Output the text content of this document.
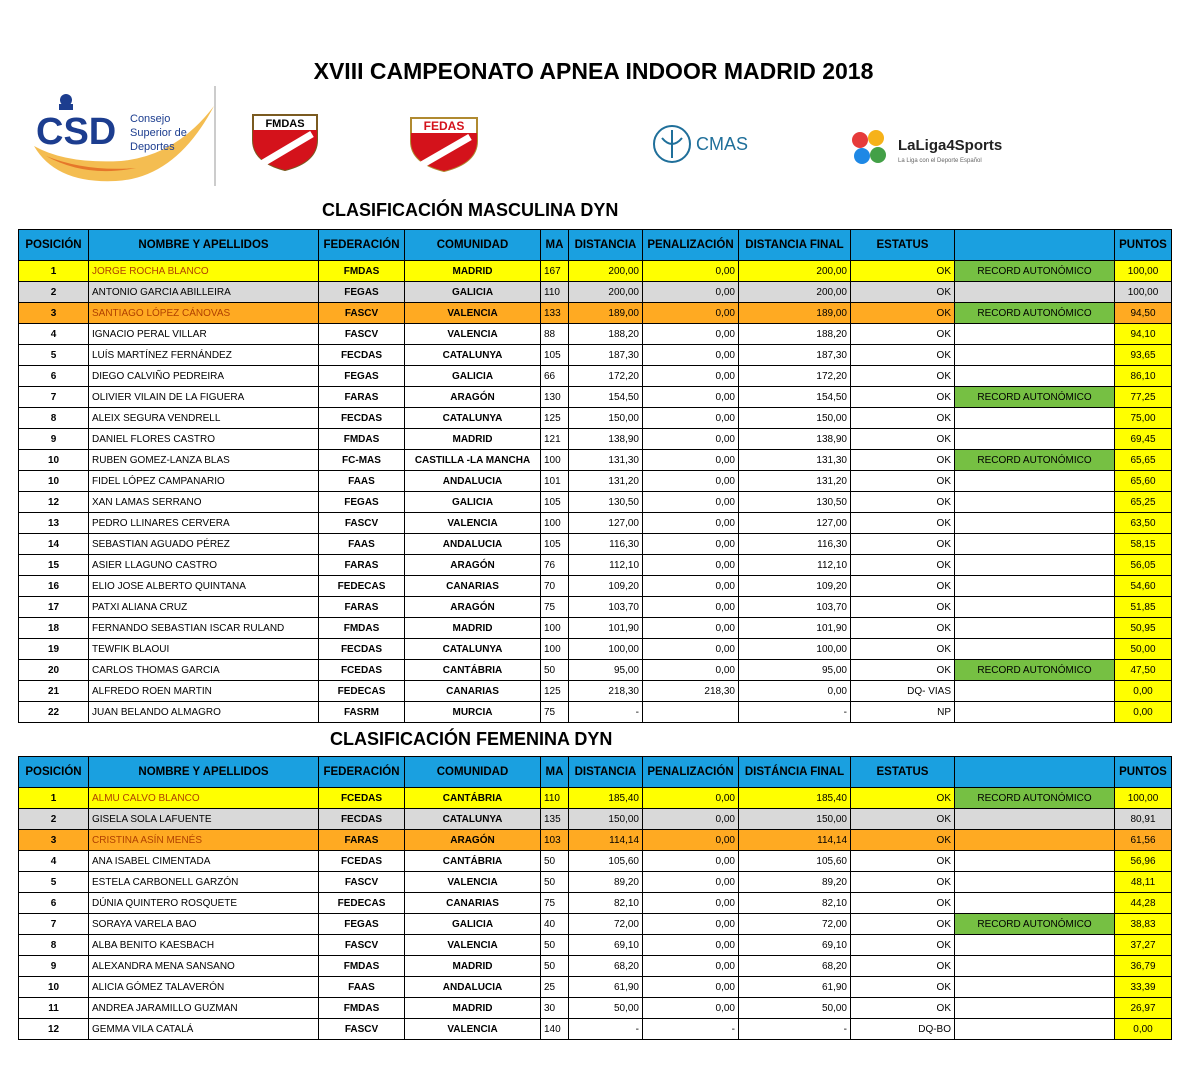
XVIII CAMPEONATO APNEA INDOOR MADRID 2018
CSD Consejo
Superior de
Deportes
FMDAS	FEDAS
CMAS	LaLiga4Sports
La Liga con el Deporte Español
CLASIFICACIÓN MASCULINA DYN
POSICIÓN	NOMBRE Y APELLIDOS	FEDERACIÓN	COMUNIDAD	MA	DISTANCIA	PENALIZACIÓN	DISTANCIA FINAL	ESTATUS		PUNTOS
1	JORGE ROCHA BLANCO	FMDAS	MADRID	167	200,00	0,00	200,00	OK	RECORD AUTONÓMICO	100,00
2	ANTONIO GARCIA ABILLEIRA	FEGAS	GALICIA	110	200,00	0,00	200,00	OK		100,00
3	SANTIAGO LÓPEZ CÁNOVAS	FASCV	VALENCIA	133	189,00	0,00	189,00	OK	RECORD AUTONÓMICO	94,50
4	IGNACIO PERAL VILLAR	FASCV	VALENCIA	88	188,20	0,00	188,20	OK		94,10
5	LUÍS MARTÍNEZ FERNÁNDEZ	FECDAS	CATALUNYA	105	187,30	0,00	187,30	OK		93,65
6	DIEGO CALVIÑO PEDREIRA	FEGAS	GALICIA	66	172,20	0,00	172,20	OK		86,10
7	OLIVIER VILAIN DE LA FIGUERA	FARAS	ARAGÓN	130	154,50	0,00	154,50	OK	RECORD AUTONÓMICO	77,25
8	ALEIX SEGURA VENDRELL	FECDAS	CATALUNYA	125	150,00	0,00	150,00	OK		75,00
9	DANIEL FLORES CASTRO	FMDAS	MADRID	121	138,90	0,00	138,90	OK		69,45
10	RUBEN GOMEZ-LANZA BLAS	FC-MAS	CASTILLA -LA MANCHA	100	131,30	0,00	131,30	OK	RECORD AUTONÓMICO	65,65
10	FIDEL LÓPEZ CAMPANARIO	FAAS	ANDALUCIA	101	131,20	0,00	131,20	OK		65,60
12	XAN LAMAS SERRANO	FEGAS	GALICIA	105	130,50	0,00	130,50	OK		65,25
13	PEDRO LLINARES CERVERA	FASCV	VALENCIA	100	127,00	0,00	127,00	OK		63,50
14	SEBASTIAN AGUADO PÉREZ	FAAS	ANDALUCIA	105	116,30	0,00	116,30	OK		58,15
15	ASIER LLAGUNO CASTRO	FARAS	ARAGÓN	76	112,10	0,00	112,10	OK		56,05
16	ELIO JOSE ALBERTO QUINTANA	FEDECAS	CANARIAS	70	109,20	0,00	109,20	OK		54,60
17	PATXI ALIANA CRUZ	FARAS	ARAGÓN	75	103,70	0,00	103,70	OK		51,85
18	FERNANDO SEBASTIAN ISCAR RULAND	FMDAS	MADRID	100	101,90	0,00	101,90	OK		50,95
19	TEWFIK BLAOUI	FECDAS	CATALUNYA	100	100,00	0,00	100,00	OK		50,00
20	CARLOS THOMAS GARCIA	FCEDAS	CANTÁBRIA	50	95,00	0,00	95,00	OK	RECORD AUTONÓMICO	47,50
21	ALFREDO ROEN MARTIN	FEDECAS	CANARIAS	125	218,30	218,30	0,00	DQ- VIAS		0,00
22	JUAN BELANDO ALMAGRO	FASRM	MURCIA	75	-		-	NP		0,00
CLASIFICACIÓN FEMENINA DYN
POSICIÓN	NOMBRE Y APELLIDOS	FEDERACIÓN	COMUNIDAD	MA	DISTANCIA	PENALIZACIÓN	DISTÁNCIA FINAL	ESTATUS		PUNTOS
1	ALMU CALVO BLANCO	FCEDAS	CANTÁBRIA	110	185,40	0,00	185,40	OK	RECORD AUTONÓMICO	100,00
2	GISELA SOLA LAFUENTE	FECDAS	CATALUNYA	135	150,00	0,00	150,00	OK		80,91
3	CRISTINA ASÍN MENÉS	FARAS	ARAGÓN	103	114,14	0,00	114,14	OK		61,56
4	ANA ISABEL CIMENTADA	FCEDAS	CANTÁBRIA	50	105,60	0,00	105,60	OK		56,96
5	ESTELA CARBONELL GARZÓN	FASCV	VALENCIA	50	89,20	0,00	89,20	OK		48,11
6	DÚNIA QUINTERO ROSQUETE	FEDECAS	CANARIAS	75	82,10	0,00	82,10	OK		44,28
7	SORAYA VARELA BAO	FEGAS	GALICIA	40	72,00	0,00	72,00	OK	RECORD AUTONÓMICO	38,83
8	ALBA BENITO KAESBACH	FASCV	VALENCIA	50	69,10	0,00	69,10	OK		37,27
9	ALEXANDRA MENA SANSANO	FMDAS	MADRID	50	68,20	0,00	68,20	OK		36,79
10	ALICIA GÓMEZ TALAVERÓN	FAAS	ANDALUCIA	25	61,90	0,00	61,90	OK		33,39
11	ANDREA JARAMILLO GUZMAN	FMDAS	MADRID	30	50,00	0,00	50,00	OK		26,97
12	GEMMA VILA CATALÁ	FASCV	VALENCIA	140	-	-	-	DQ-BO		0,00
